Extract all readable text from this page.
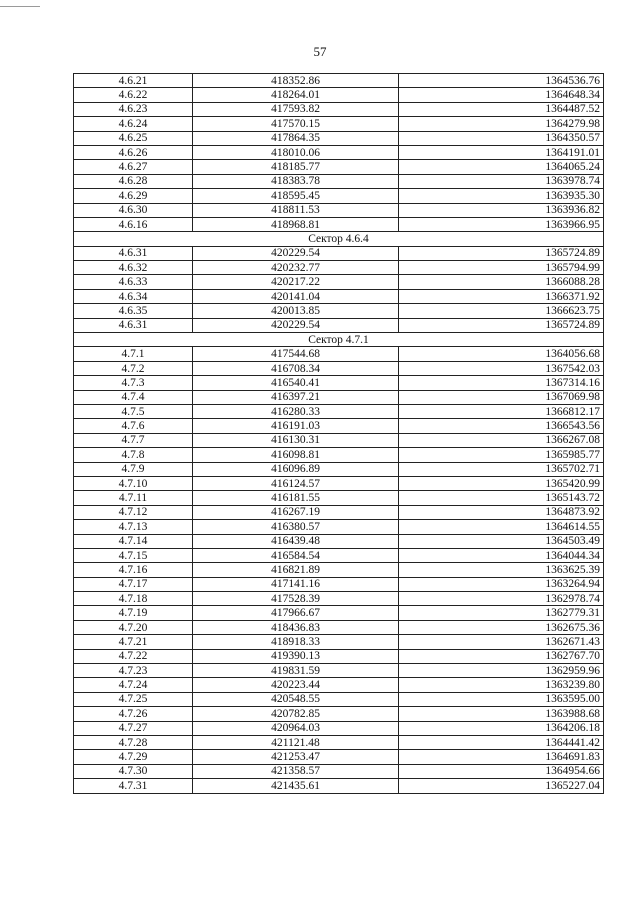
57
4.6.21	418352.86	1364536.76
4.6.22	418264.01	1364648.34
4.6.23	417593.82	1364487.52
4.6.24	417570.15	1364279.98
4.6.25	417864.35	1364350.57
4.6.26	418010.06	1364191.01
4.6.27	418185.77	1364065.24
4.6.28	418383.78	1363978.74
4.6.29	418595.45	1363935.30
4.6.30	418811.53	1363936.82
4.6.16	418968.81	1363966.95
Сектор 4.6.4		
4.6.31	420229.54	1365724.89
4.6.32	420232.77	1365794.99
4.6.33	420217.22	1366088.28
4.6.34	420141.04	1366371.92
4.6.35	420013.85	1366623.75
4.6.31	420229.54	1365724.89
Сектор 4.7.1		
4.7.1	417544.68	1364056.68
4.7.2	416708.34	1367542.03
4.7.3	416540.41	1367314.16
4.7.4	416397.21	1367069.98
4.7.5	416280.33	1366812.17
4.7.6	416191.03	1366543.56
4.7.7	416130.31	1366267.08
4.7.8	416098.81	1365985.77
4.7.9	416096.89	1365702.71
4.7.10	416124.57	1365420.99
4.7.11	416181.55	1365143.72
4.7.12	416267.19	1364873.92
4.7.13	416380.57	1364614.55
4.7.14	416439.48	1364503.49
4.7.15	416584.54	1364044.34
4.7.16	416821.89	1363625.39
4.7.17	417141.16	1363264.94
4.7.18	417528.39	1362978.74
4.7.19	417966.67	1362779.31
4.7.20	418436.83	1362675.36
4.7.21	418918.33	1362671.43
4.7.22	419390.13	1362767.70
4.7.23	419831.59	1362959.96
4.7.24	420223.44	1363239.80
4.7.25	420548.55	1363595.00
4.7.26	420782.85	1363988.68
4.7.27	420964.03	1364206.18
4.7.28	421121.48	1364441.42
4.7.29	421253.47	1364691.83
4.7.30	421358.57	1364954.66
4.7.31	421435.61	1365227.04
